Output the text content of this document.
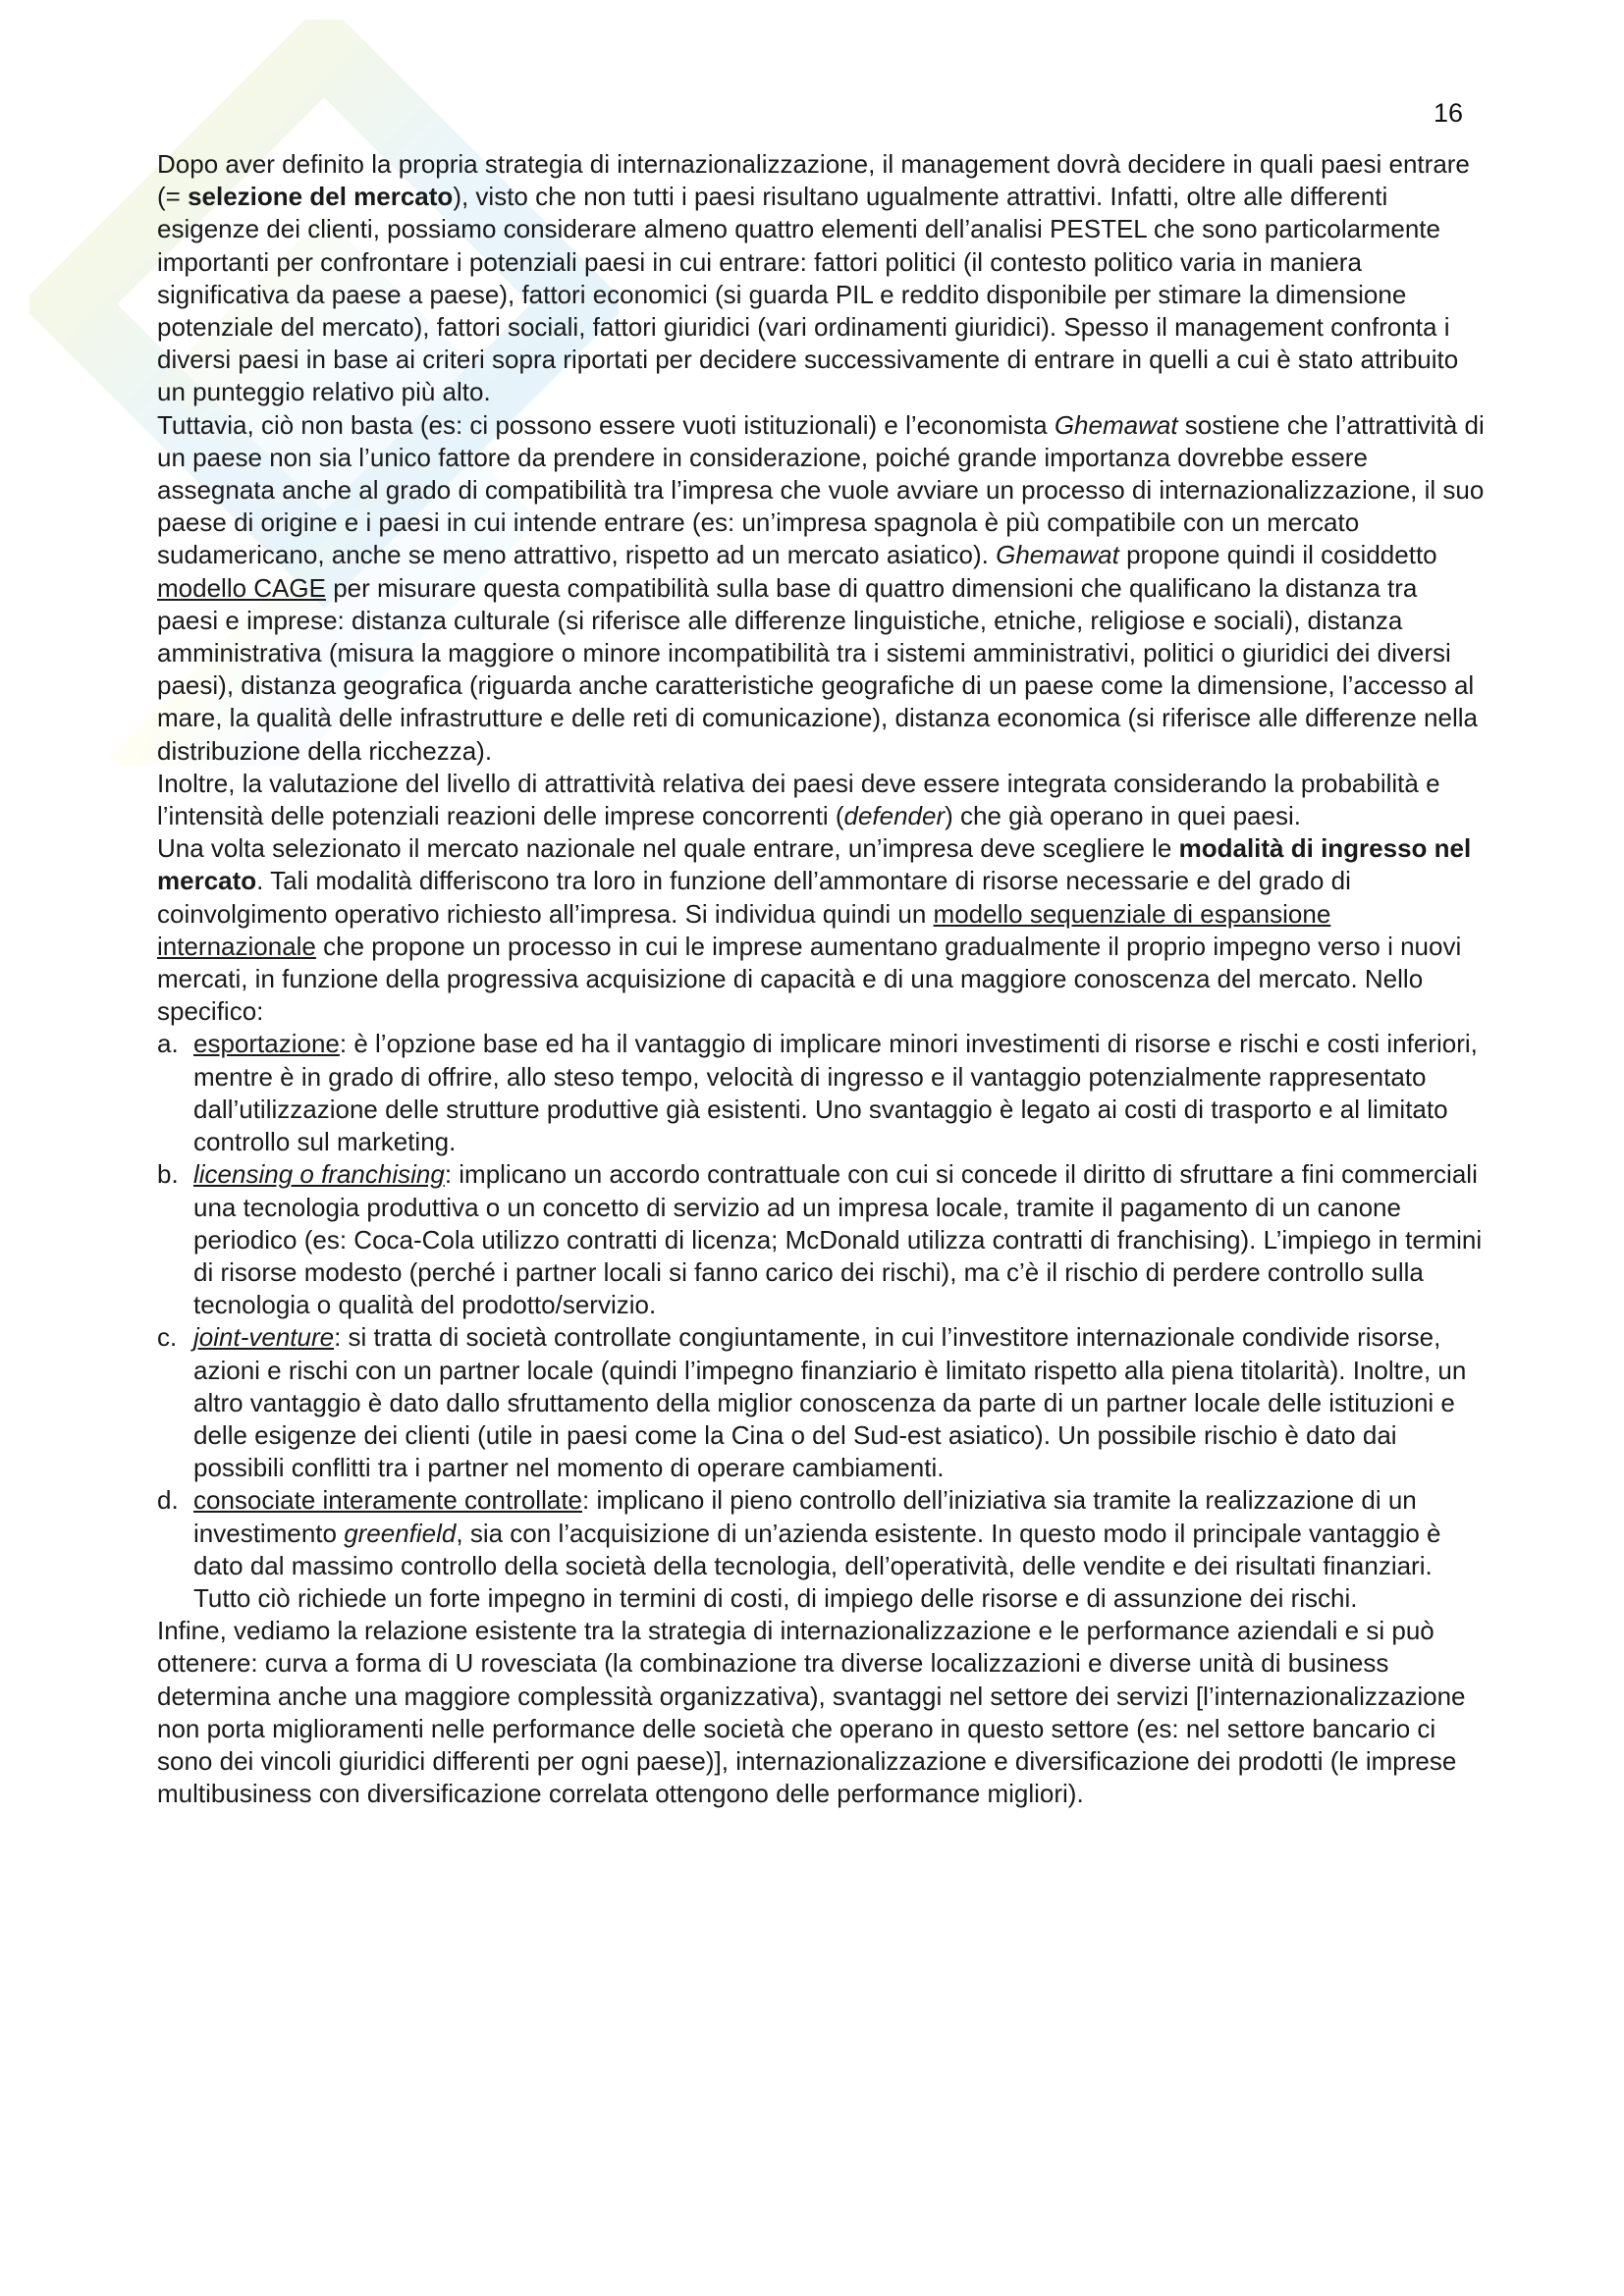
16

Dopo aver definito la propria strategia di internazionalizzazione, il management dovrà decidere in quali paesi entrare (= selezione del mercato), visto che non tutti i paesi risultano ugualmente attrattivi. Infatti, oltre alle differenti esigenze dei clienti, possiamo considerare almeno quattro elementi dell’analisi PESTEL che sono particolarmente importanti per confrontare i potenziali paesi in cui entrare: fattori politici (il contesto politico varia in maniera significativa da paese a paese), fattori economici (si guarda PIL e reddito disponibile per stimare la dimensione potenziale del mercato), fattori sociali, fattori giuridici (vari ordinamenti giuridici). Spesso il management confronta i diversi paesi in base ai criteri sopra riportati per decidere successivamente di entrare in quelli a cui è stato attribuito un punteggio relativo più alto.

Tuttavia, ciò non basta (es: ci possono essere vuoti istituzionali) e l’economista Ghemawat sostiene che l’attrattività di un paese non sia l’unico fattore da prendere in considerazione, poiché grande importanza dovrebbe essere assegnata anche al grado di compatibilità tra l’impresa che vuole avviare un processo di internazionalizzazione, il suo paese di origine e i paesi in cui intende entrare (es: un’impresa spagnola è più compatibile con un mercato sudamericano, anche se meno attrattivo, rispetto ad un mercato asiatico). Ghemawat propone quindi il cosiddetto modello CAGE per misurare questa compatibilità sulla base di quattro dimensioni che qualificano la distanza tra paesi e imprese: distanza culturale (si riferisce alle differenze linguistiche, etniche, religiose e sociali), distanza amministrativa (misura la maggiore o minore incompatibilità tra i sistemi amministrativi, politici o giuridici dei diversi paesi), distanza geografica (riguarda anche caratteristiche geografiche di un paese come la dimensione, l’accesso al mare, la qualità delle infrastrutture e delle reti di comunicazione), distanza economica (si riferisce alle differenze nella distribuzione della ricchezza).

Inoltre, la valutazione del livello di attrattività relativa dei paesi deve essere integrata considerando la probabilità e l’intensità delle potenziali reazioni delle imprese concorrenti (defender) che già operano in quei paesi.

Una volta selezionato il mercato nazionale nel quale entrare, un’impresa deve scegliere le modalità di ingresso nel mercato. Tali modalità differiscono tra loro in funzione dell’ammontare di risorse necessarie e del grado di coinvolgimento operativo richiesto all’impresa. Si individua quindi un modello sequenziale di espansione internazionale che propone un processo in cui le imprese aumentano gradualmente il proprio impegno verso i nuovi mercati, in funzione della progressiva acquisizione di capacità e di una maggiore conoscenza del mercato. Nello specifico:

a. esportazione: è l’opzione base ed ha il vantaggio di implicare minori investimenti di risorse e rischi e costi inferiori, mentre è in grado di offrire, allo steso tempo, velocità di ingresso e il vantaggio potenzialmente rappresentato dall’utilizzazione delle strutture produttive già esistenti. Uno svantaggio è legato ai costi di trasporto e al limitato controllo sul marketing.
b. licensing o franchising: implicano un accordo contrattuale con cui si concede il diritto di sfruttare a fini commerciali una tecnologia produttiva o un concetto di servizio ad un impresa locale, tramite il pagamento di un canone periodico (es: Coca-Cola utilizzo contratti di licenza; McDonald utilizza contratti di franchising). L’impiego in termini di risorse modesto (perché i partner locali si fanno carico dei rischi), ma c’è il rischio di perdere controllo sulla tecnologia o qualità del prodotto/servizio.
c. joint-venture: si tratta di società controllate congiuntamente, in cui l’investitore internazionale condivide risorse, azioni e rischi con un partner locale (quindi l’impegno finanziario è limitato rispetto alla piena titolarità). Inoltre, un altro vantaggio è dato dallo sfruttamento della miglior conoscenza da parte di un partner locale delle istituzioni e delle esigenze dei clienti (utile in paesi come la Cina o del Sud-est asiatico). Un possibile rischio è dato dai possibili conflitti tra i partner nel momento di operare cambiamenti.
d. consociate interamente controllate: implicano il pieno controllo dell’iniziativa sia tramite la realizzazione di un investimento greenfield, sia con l’acquisizione di un’azienda esistente. In questo modo il principale vantaggio è dato dal massimo controllo della società della tecnologia, dell’operatività, delle vendite e dei risultati finanziari. Tutto ciò richiede un forte impegno in termini di costi, di impiego delle risorse e di assunzione dei rischi.

Infine, vediamo la relazione esistente tra la strategia di internazionalizzazione e le performance aziendali e si può ottenere: curva a forma di U rovesciata (la combinazione tra diverse localizzazioni e diverse unità di business determina anche una maggiore complessità organizzativa), svantaggi nel settore dei servizi [l’internazionalizzazione non porta miglioramenti nelle performance delle società che operano in questo settore (es: nel settore bancario ci sono dei vincoli giuridici differenti per ogni paese)], internazionalizzazione e diversificazione dei prodotti (le imprese multibusiness con diversificazione correlata ottengono delle performance migliori).
